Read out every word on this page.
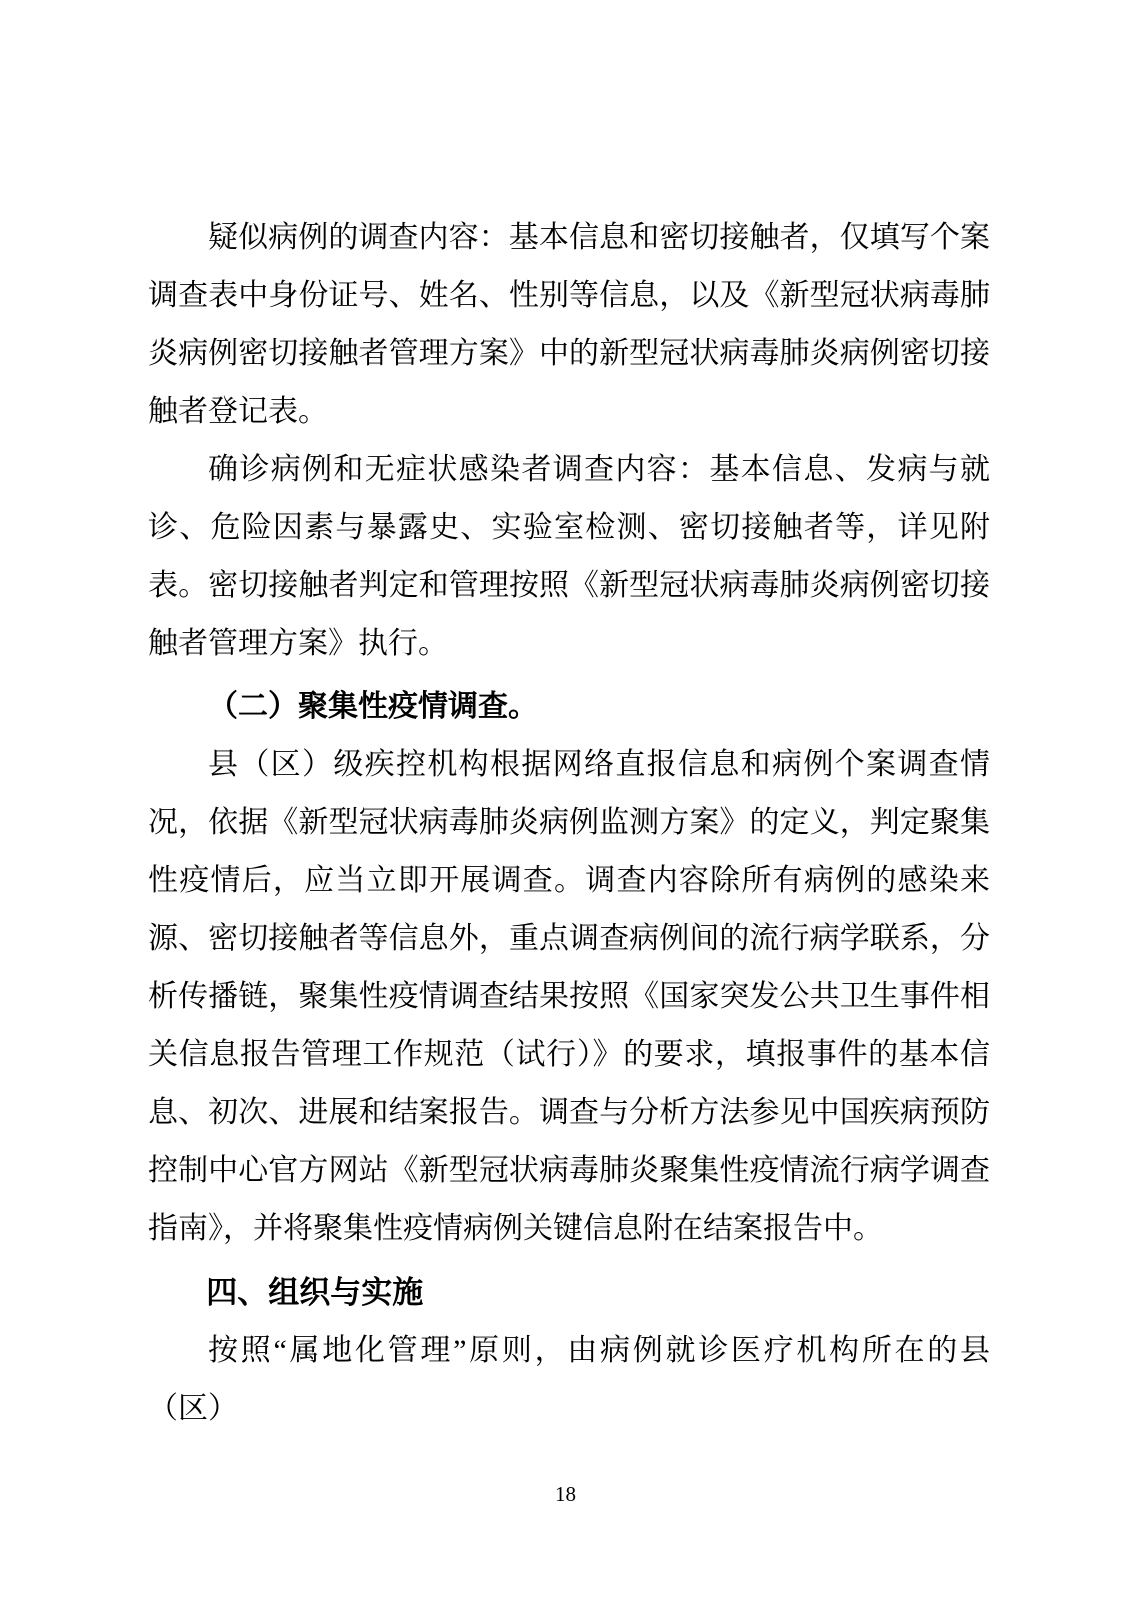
疑似病例的调查内容：基本信息和密切接触者，仅填写个案调查表中身份证号、姓名、性别等信息，以及《新型冠状病毒肺炎病例密切接触者管理方案》中的新型冠状病毒肺炎病例密切接触者登记表。

确诊病例和无症状感染者调查内容：基本信息、发病与就诊、危险因素与暴露史、实验室检测、密切接触者等，详见附表。密切接触者判定和管理按照《新型冠状病毒肺炎病例密切接触者管理方案》执行。

（二）聚集性疫情调查。

县（区）级疾控机构根据网络直报信息和病例个案调查情况，依据《新型冠状病毒肺炎病例监测方案》的定义，判定聚集性疫情后，应当立即开展调查。调查内容除所有病例的感染来源、密切接触者等信息外，重点调查病例间的流行病学联系，分析传播链，聚集性疫情调查结果按照《国家突发公共卫生事件相关信息报告管理工作规范（试行）》的要求，填报事件的基本信息、初次、进展和结案报告。调查与分析方法参见中国疾病预防控制中心官方网站《新型冠状病毒肺炎聚集性疫情流行病学调查指南》，并将聚集性疫情病例关键信息附在结案报告中。

四、组织与实施

按照“属地化管理”原则，由病例就诊医疗机构所在的县（区）

18
